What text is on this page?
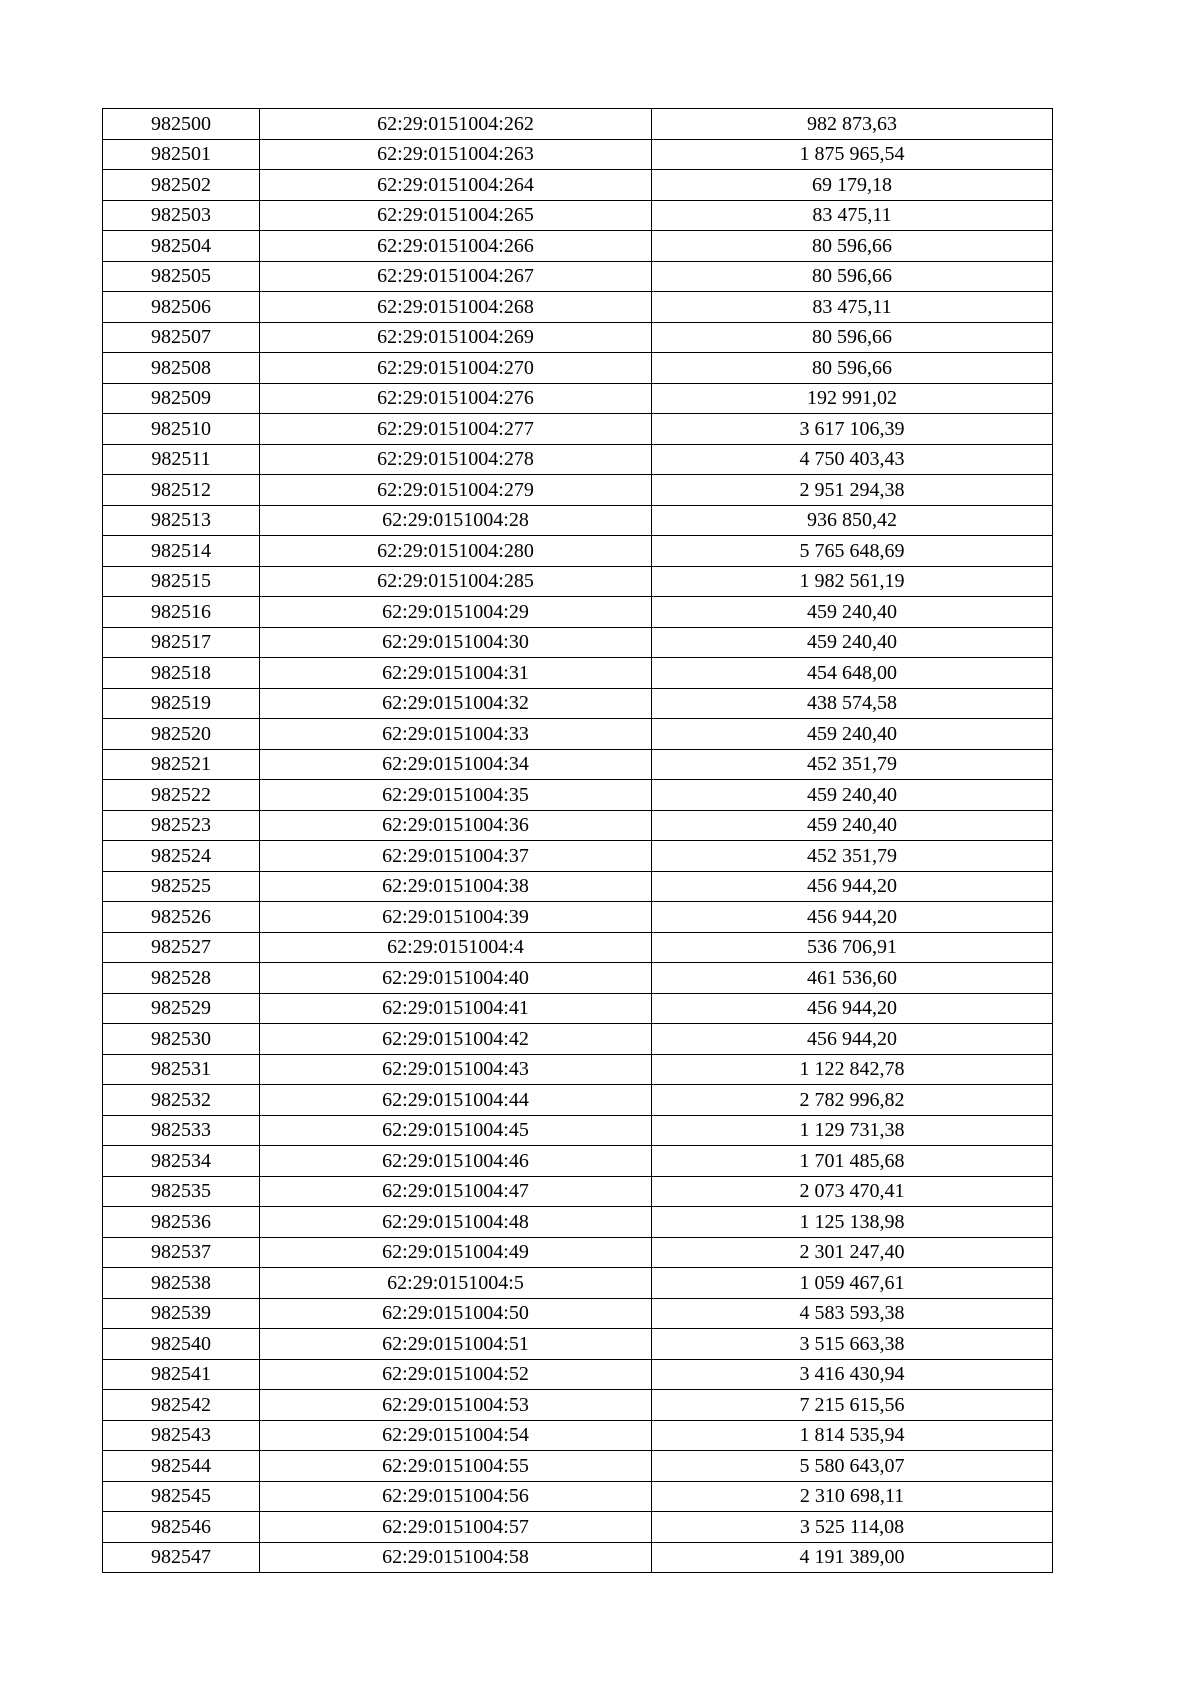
982500	62:29:0151004:262	982 873,63
982501	62:29:0151004:263	1 875 965,54
982502	62:29:0151004:264	69 179,18
982503	62:29:0151004:265	83 475,11
982504	62:29:0151004:266	80 596,66
982505	62:29:0151004:267	80 596,66
982506	62:29:0151004:268	83 475,11
982507	62:29:0151004:269	80 596,66
982508	62:29:0151004:270	80 596,66
982509	62:29:0151004:276	192 991,02
982510	62:29:0151004:277	3 617 106,39
982511	62:29:0151004:278	4 750 403,43
982512	62:29:0151004:279	2 951 294,38
982513	62:29:0151004:28	936 850,42
982514	62:29:0151004:280	5 765 648,69
982515	62:29:0151004:285	1 982 561,19
982516	62:29:0151004:29	459 240,40
982517	62:29:0151004:30	459 240,40
982518	62:29:0151004:31	454 648,00
982519	62:29:0151004:32	438 574,58
982520	62:29:0151004:33	459 240,40
982521	62:29:0151004:34	452 351,79
982522	62:29:0151004:35	459 240,40
982523	62:29:0151004:36	459 240,40
982524	62:29:0151004:37	452 351,79
982525	62:29:0151004:38	456 944,20
982526	62:29:0151004:39	456 944,20
982527	62:29:0151004:4	536 706,91
982528	62:29:0151004:40	461 536,60
982529	62:29:0151004:41	456 944,20
982530	62:29:0151004:42	456 944,20
982531	62:29:0151004:43	1 122 842,78
982532	62:29:0151004:44	2 782 996,82
982533	62:29:0151004:45	1 129 731,38
982534	62:29:0151004:46	1 701 485,68
982535	62:29:0151004:47	2 073 470,41
982536	62:29:0151004:48	1 125 138,98
982537	62:29:0151004:49	2 301 247,40
982538	62:29:0151004:5	1 059 467,61
982539	62:29:0151004:50	4 583 593,38
982540	62:29:0151004:51	3 515 663,38
982541	62:29:0151004:52	3 416 430,94
982542	62:29:0151004:53	7 215 615,56
982543	62:29:0151004:54	1 814 535,94
982544	62:29:0151004:55	5 580 643,07
982545	62:29:0151004:56	2 310 698,11
982546	62:29:0151004:57	3 525 114,08
982547	62:29:0151004:58	4 191 389,00
